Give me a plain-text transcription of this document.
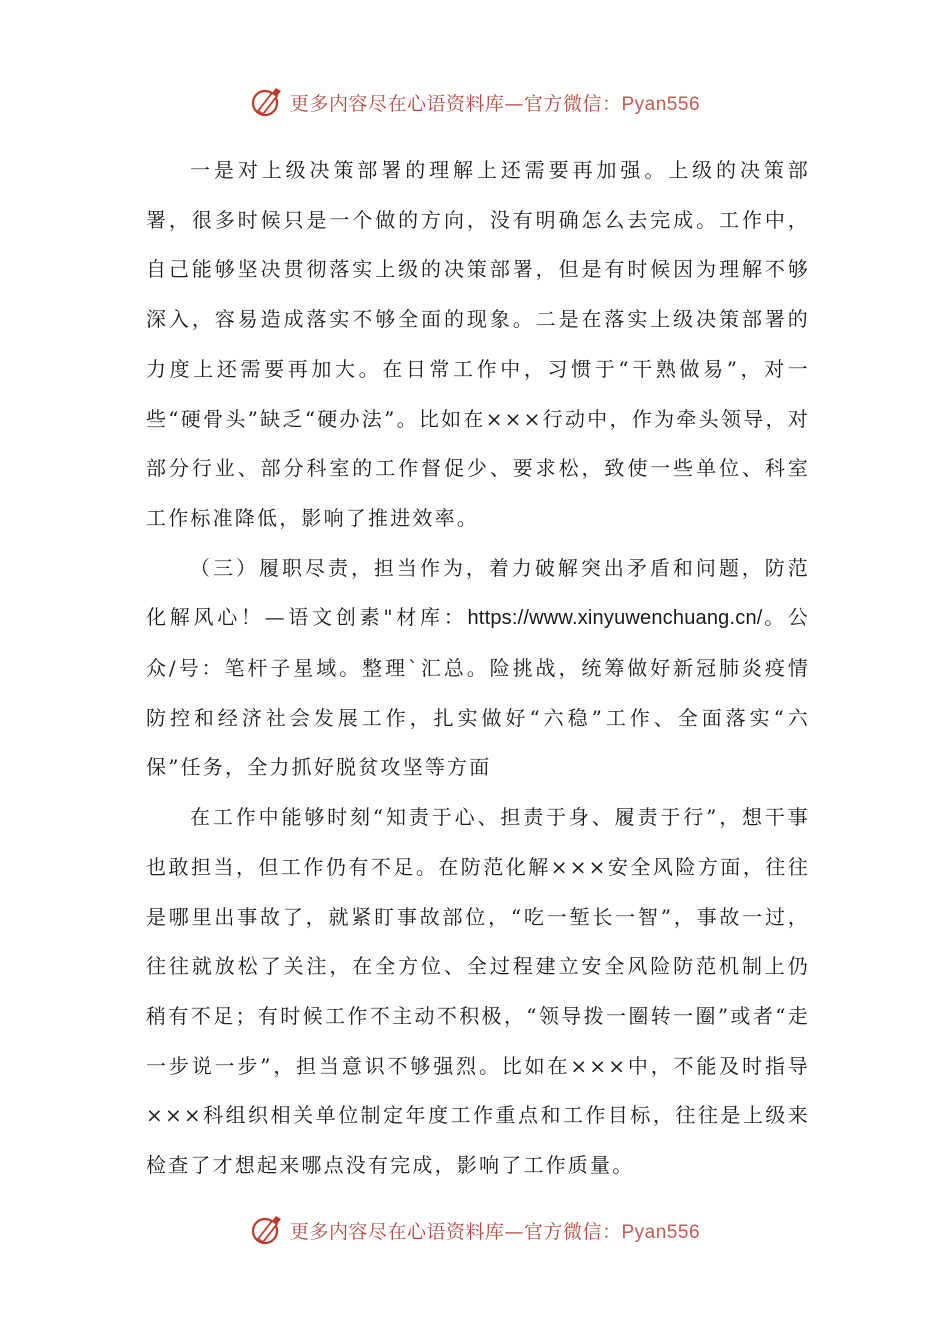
更多内容尽在心语资料库—官方微信：Pyan556

一是对上级决策部署的理解上还需要再加强。上级的决策部署，很多时候只是一个做的方向，没有明确怎么去完成。工作中，自己能够坚决贯彻落实上级的决策部署，但是有时候因为理解不够深入，容易造成落实不够全面的现象。二是在落实上级决策部署的力度上还需要再加大。在日常工作中，习惯于“干熟做易”，对一些“硬骨头”缺乏“硬办法”。比如在×××行动中，作为牵头领导，对部分行业、部分科室的工作督促少、要求松，致使一些单位、科室工作标准降低，影响了推进效率。

（三）履职尽责，担当作为，着力破解突出矛盾和问题，防范化解风心！—语文创素"材库：https://www.xinyuwenchuang.cn/。公众/号：笔杆子星域。整理`汇总。险挑战，统筹做好新冠肺炎疫情防控和经济社会发展工作，扎实做好“六稳”工作、全面落实“六保”任务，全力抓好脱贫攻坚等方面

在工作中能够时刻“知责于心、担责于身、履责于行”，想干事也敢担当，但工作仍有不足。在防范化解×××安全风险方面，往往是哪里出事故了，就紧盯事故部位，“吃一堑长一智”，事故一过，往往就放松了关注，在全方位、全过程建立安全风险防范机制上仍稍有不足；有时候工作不主动不积极，“领导拨一圈转一圈”或者“走一步说一步”，担当意识不够强烈。比如在×××中，不能及时指导×××科组织相关单位制定年度工作重点和工作目标，往往是上级来检查了才想起来哪点没有完成，影响了工作质量。

更多内容尽在心语资料库—官方微信：Pyan556
